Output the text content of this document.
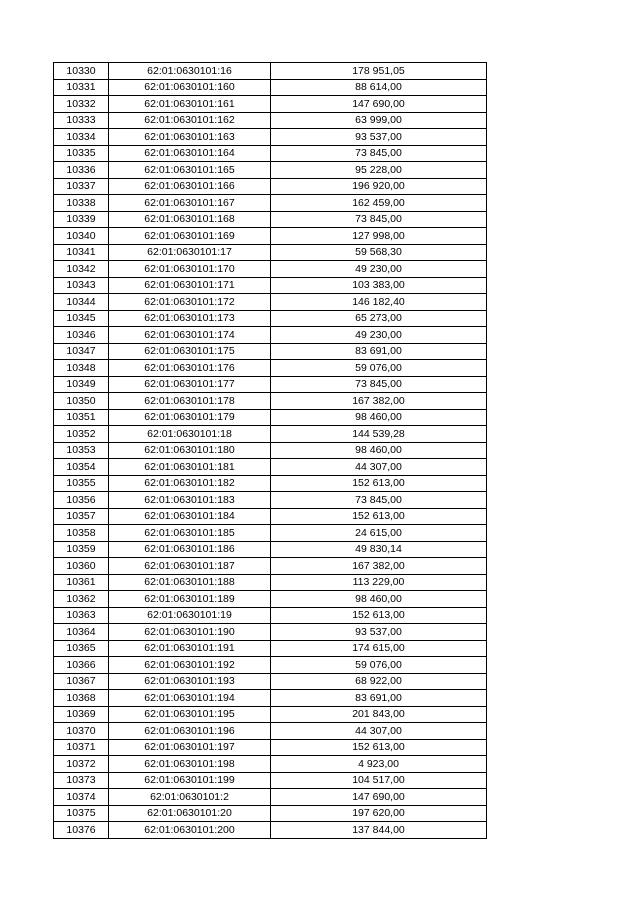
10330	62:01:0630101:16	178 951,05
10331	62:01:0630101:160	88 614,00
10332	62:01:0630101:161	147 690,00
10333	62:01:0630101:162	63 999,00
10334	62:01:0630101:163	93 537,00
10335	62:01:0630101:164	73 845,00
10336	62:01:0630101:165	95 228,00
10337	62:01:0630101:166	196 920,00
10338	62:01:0630101:167	162 459,00
10339	62:01:0630101:168	73 845,00
10340	62:01:0630101:169	127 998,00
10341	62:01:0630101:17	59 568,30
10342	62:01:0630101:170	49 230,00
10343	62:01:0630101:171	103 383,00
10344	62:01:0630101:172	146 182,40
10345	62:01:0630101:173	65 273,00
10346	62:01:0630101:174	49 230,00
10347	62:01:0630101:175	83 691,00
10348	62:01:0630101:176	59 076,00
10349	62:01:0630101:177	73 845,00
10350	62:01:0630101:178	167 382,00
10351	62:01:0630101:179	98 460,00
10352	62:01:0630101:18	144 539,28
10353	62:01:0630101:180	98 460,00
10354	62:01:0630101:181	44 307,00
10355	62:01:0630101:182	152 613,00
10356	62:01:0630101:183	73 845,00
10357	62:01:0630101:184	152 613,00
10358	62:01:0630101:185	24 615,00
10359	62:01:0630101:186	49 830,14
10360	62:01:0630101:187	167 382,00
10361	62:01:0630101:188	113 229,00
10362	62:01:0630101:189	98 460,00
10363	62:01:0630101:19	152 613,00
10364	62:01:0630101:190	93 537,00
10365	62:01:0630101:191	174 615,00
10366	62:01:0630101:192	59 076,00
10367	62:01:0630101:193	68 922,00
10368	62:01:0630101:194	83 691,00
10369	62:01:0630101:195	201 843,00
10370	62:01:0630101:196	44 307,00
10371	62:01:0630101:197	152 613,00
10372	62:01:0630101:198	4 923,00
10373	62:01:0630101:199	104 517,00
10374	62:01:0630101:2	147 690,00
10375	62:01:0630101:20	197 620,00
10376	62:01:0630101:200	137 844,00
